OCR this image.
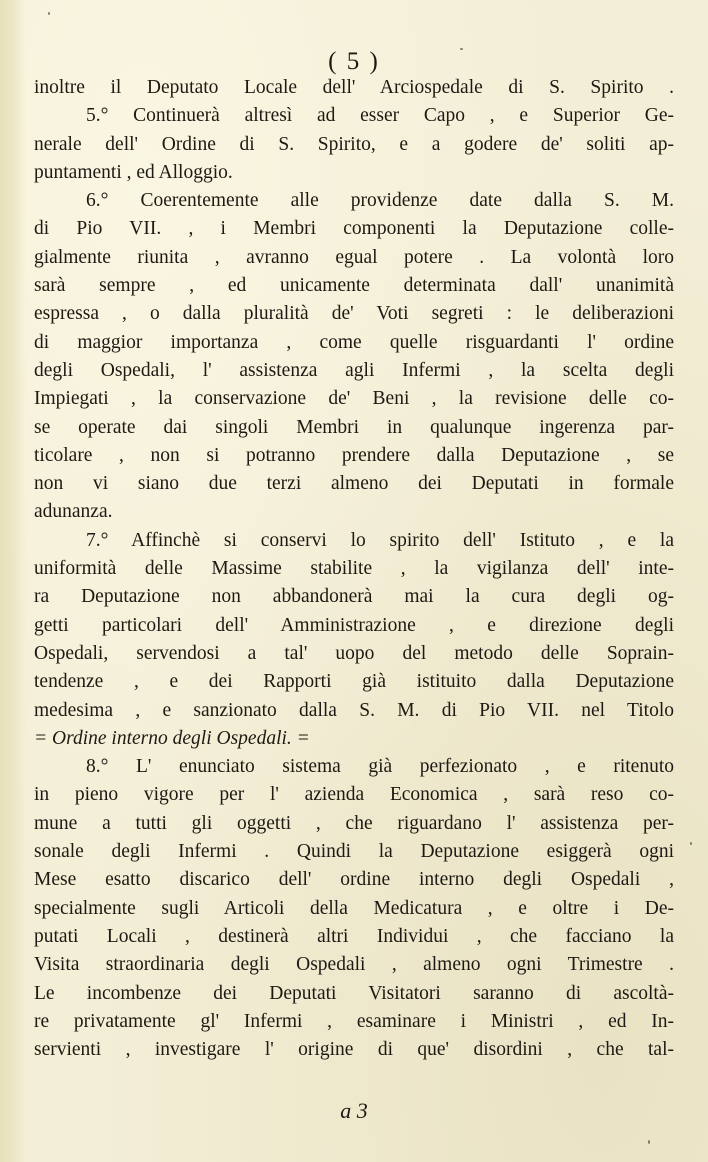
( 5 )
inoltre il Deputato Locale dell' Arciospedale di S. Spirito .
5.° Continuerà altresì ad esser Capo , e Superior Ge-
nerale dell' Ordine di S. Spirito, e a godere de' soliti ap-
puntamenti , ed Alloggio.
6.° Coerentemente alle providenze date dalla S. M.
di Pio VII. , i Membri componenti la Deputazione colle-
gialmente riunita , avranno egual potere . La volontà loro
sarà sempre , ed unicamente determinata dall' unanimità
espressa , o dalla pluralità de' Voti segreti : le deliberazioni
di maggior importanza , come quelle risguardanti l' ordine
degli Ospedali, l' assistenza agli Infermi , la scelta degli
Impiegati , la conservazione de' Beni , la revisione delle co-
se operate dai singoli Membri in qualunque ingerenza par-
ticolare , non si potranno prendere dalla Deputazione , se
non vi siano due terzi almeno dei Deputati in formale
adunanza.
7.° Affinchè si conservi lo spirito dell' Istituto , e la
uniformità delle Massime stabilite , la vigilanza dell' inte-
ra Deputazione non abbandonerà mai la cura degli og-
getti particolari dell' Amministrazione , e direzione degli
Ospedali, servendosi a tal' uopo del metodo delle Soprain-
tendenze , e dei Rapporti già istituito dalla Deputazione
medesima , e sanzionato dalla S. M. di Pio VII. nel Titolo
= Ordine interno degli Ospedali. =
8.° L' enunciato sistema già perfezionato , e ritenuto
in pieno vigore per l' azienda Economica , sarà reso co-
mune a tutti gli oggetti , che riguardano l' assistenza per-
sonale degli Infermi . Quindi la Deputazione esiggerà ogni
Mese esatto discarico dell' ordine interno degli Ospedali ,
specialmente sugli Articoli della Medicatura , e oltre i De-
putati Locali , destinerà altri Individui , che facciano la
Visita straordinaria degli Ospedali , almeno ogni Trimestre .
Le incombenze dei Deputati Visitatori saranno di ascoltà-
re privatamente gl' Infermi , esaminare i Ministri , ed In-
servienti , investigare l' origine di que' disordini , che tal-
a 3
